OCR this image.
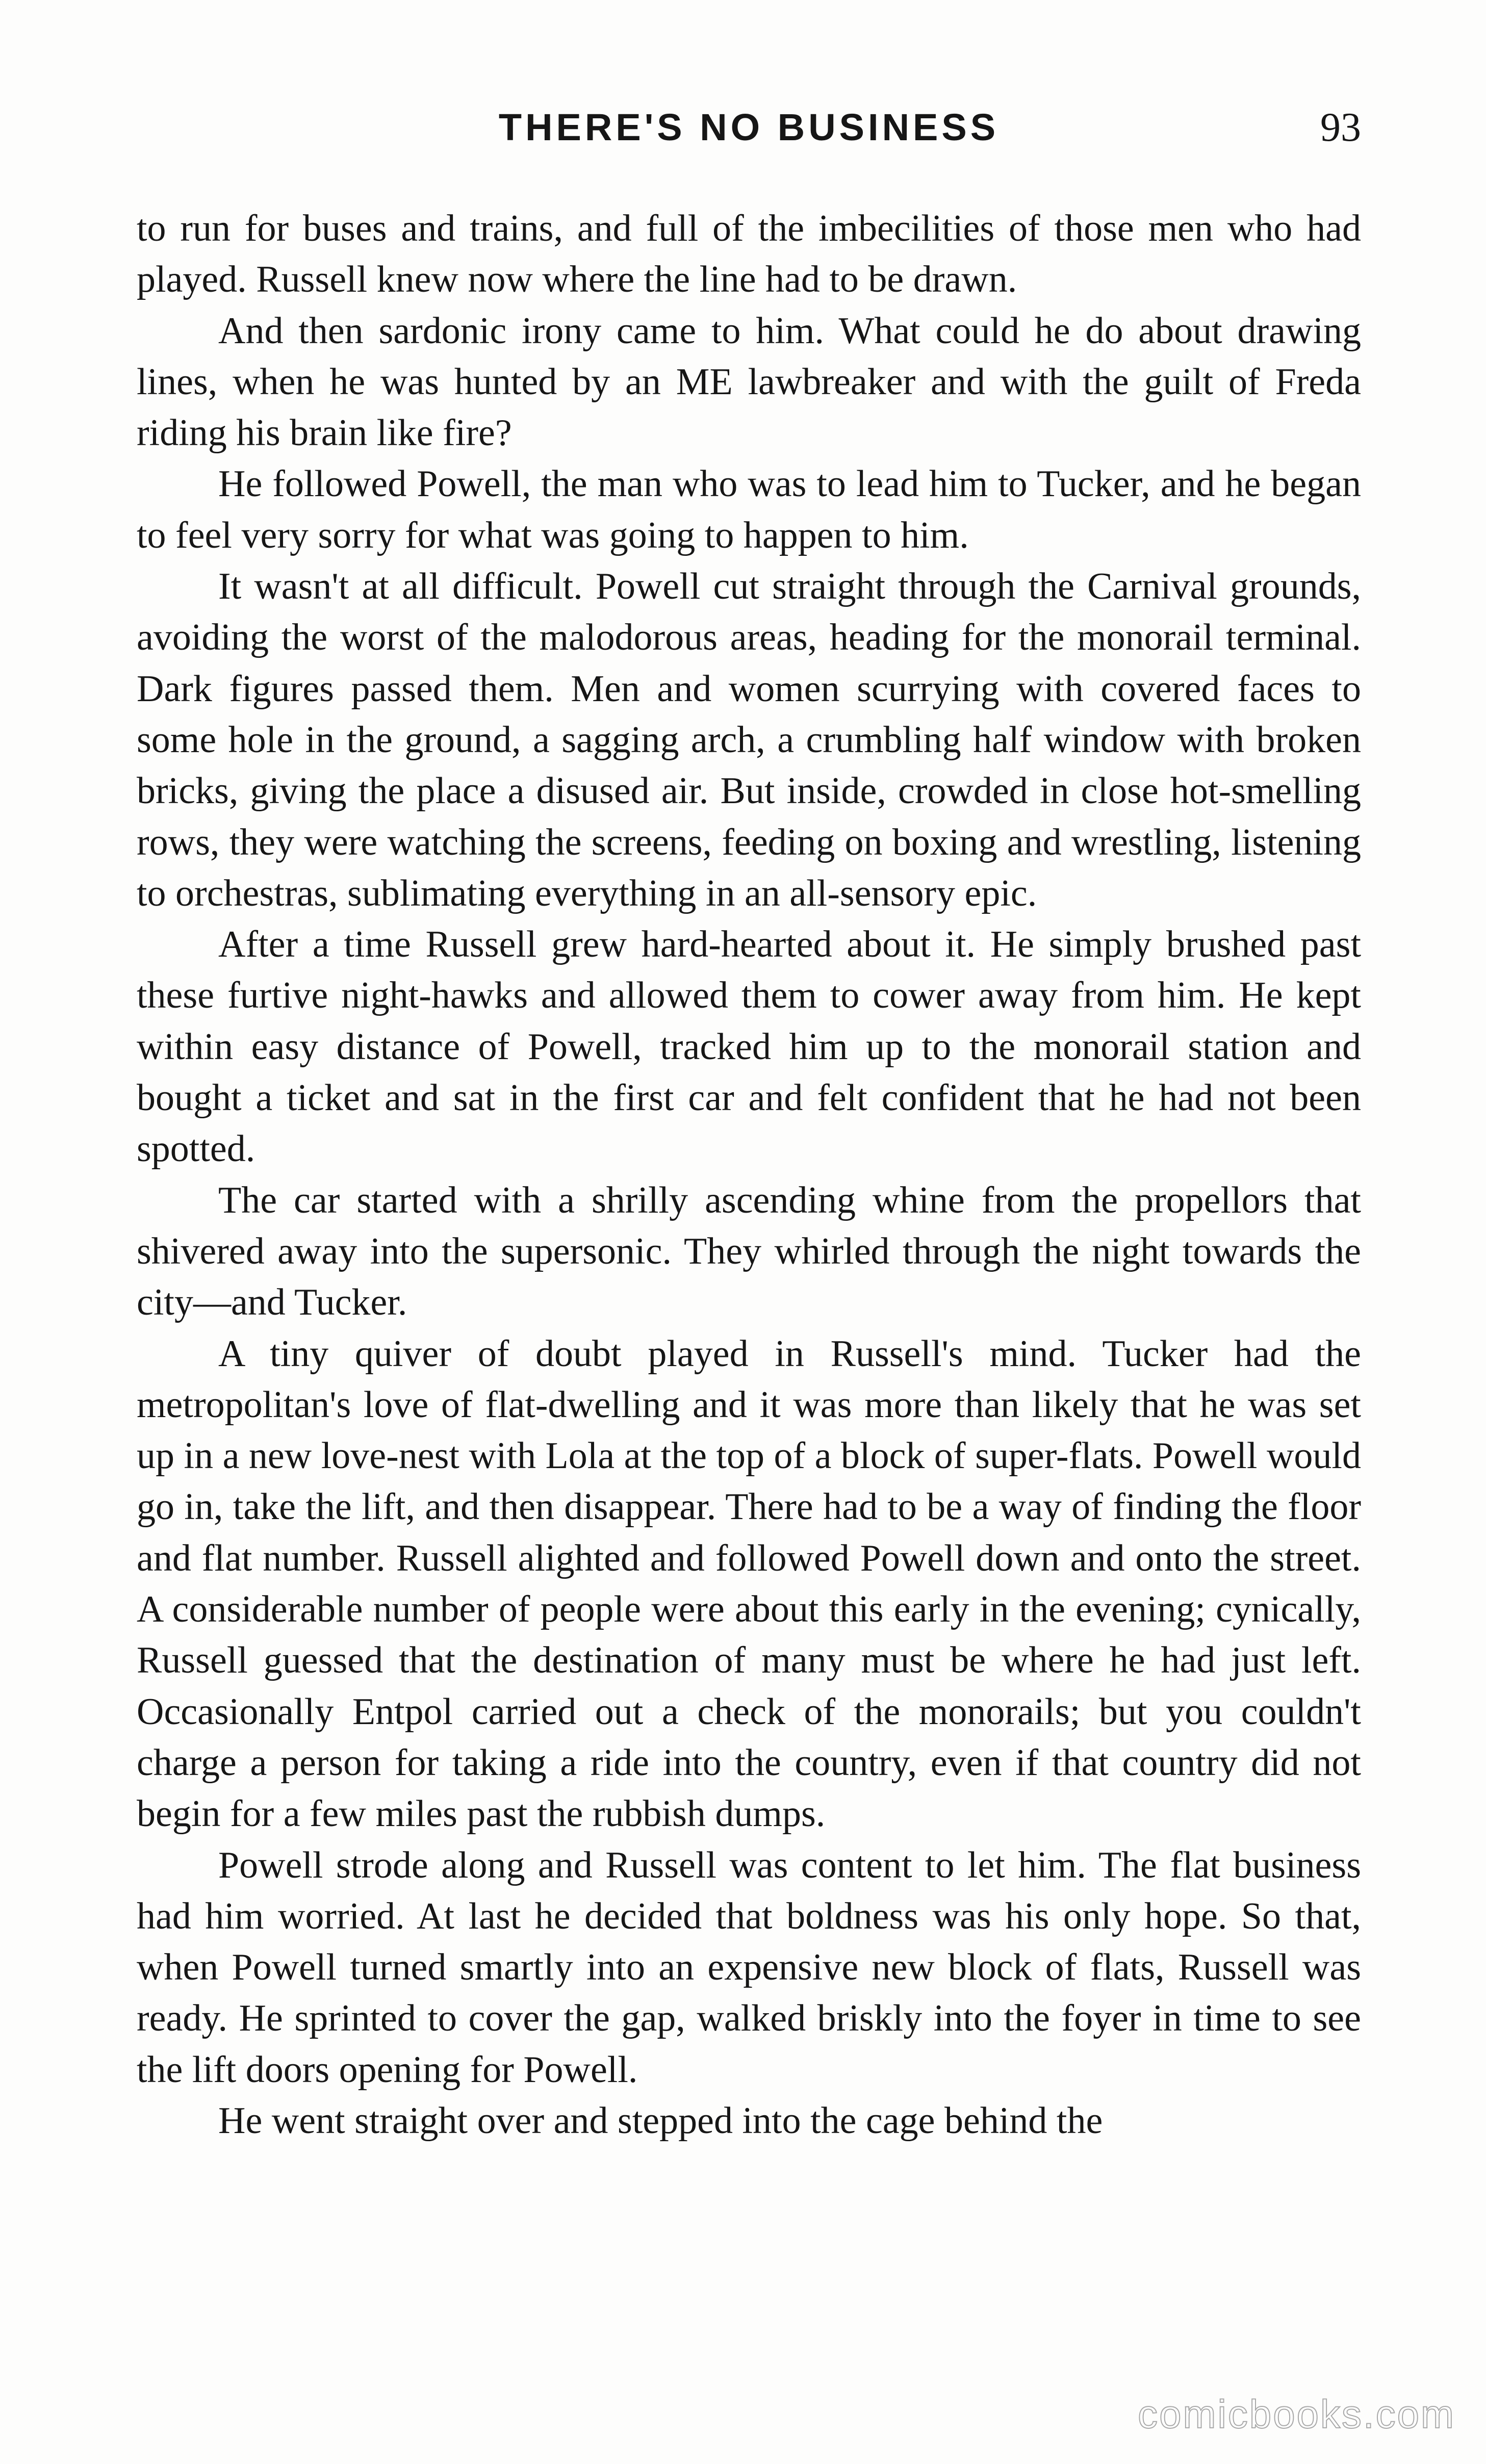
THERE'S NO BUSINESS	93

to run for buses and trains, and full of the imbecilities of those men who had played. Russell knew now where the line had to be drawn.

And then sardonic irony came to him. What could he do about drawing lines, when he was hunted by an ME lawbreaker and with the guilt of Freda riding his brain like fire?

He followed Powell, the man who was to lead him to Tucker, and he began to feel very sorry for what was going to happen to him.

It wasn't at all difficult. Powell cut straight through the Carnival grounds, avoiding the worst of the malodorous areas, heading for the monorail terminal. Dark figures passed them. Men and women scurrying with covered faces to some hole in the ground, a sagging arch, a crumbling half window with broken bricks, giving the place a disused air. But inside, crowded in close hot-smelling rows, they were watching the screens, feeding on boxing and wrestling, listening to orchestras, sublimating everything in an all-sensory epic.

After a time Russell grew hard-hearted about it. He simply brushed past these furtive night-hawks and allowed them to cower away from him. He kept within easy distance of Powell, tracked him up to the monorail station and bought a ticket and sat in the first car and felt confident that he had not been spotted.

The car started with a shrilly ascending whine from the propellors that shivered away into the supersonic. They whirled through the night towards the city—and Tucker.

A tiny quiver of doubt played in Russell's mind. Tucker had the metropolitan's love of flat-dwelling and it was more than likely that he was set up in a new love-nest with Lola at the top of a block of super-flats. Powell would go in, take the lift, and then disappear. There had to be a way of finding the floor and flat number. Russell alighted and followed Powell down and onto the street. A considerable number of people were about this early in the evening; cynically, Russell guessed that the destination of many must be where he had just left. Occasionally Entpol carried out a check of the monorails; but you couldn't charge a person for taking a ride into the country, even if that country did not begin for a few miles past the rubbish dumps.

Powell strode along and Russell was content to let him. The flat business had him worried. At last he decided that boldness was his only hope. So that, when Powell turned smartly into an expensive new block of flats, Russell was ready. He sprinted to cover the gap, walked briskly into the foyer in time to see the lift doors opening for Powell.

He went straight over and stepped into the cage behind the

comicbooks.com
